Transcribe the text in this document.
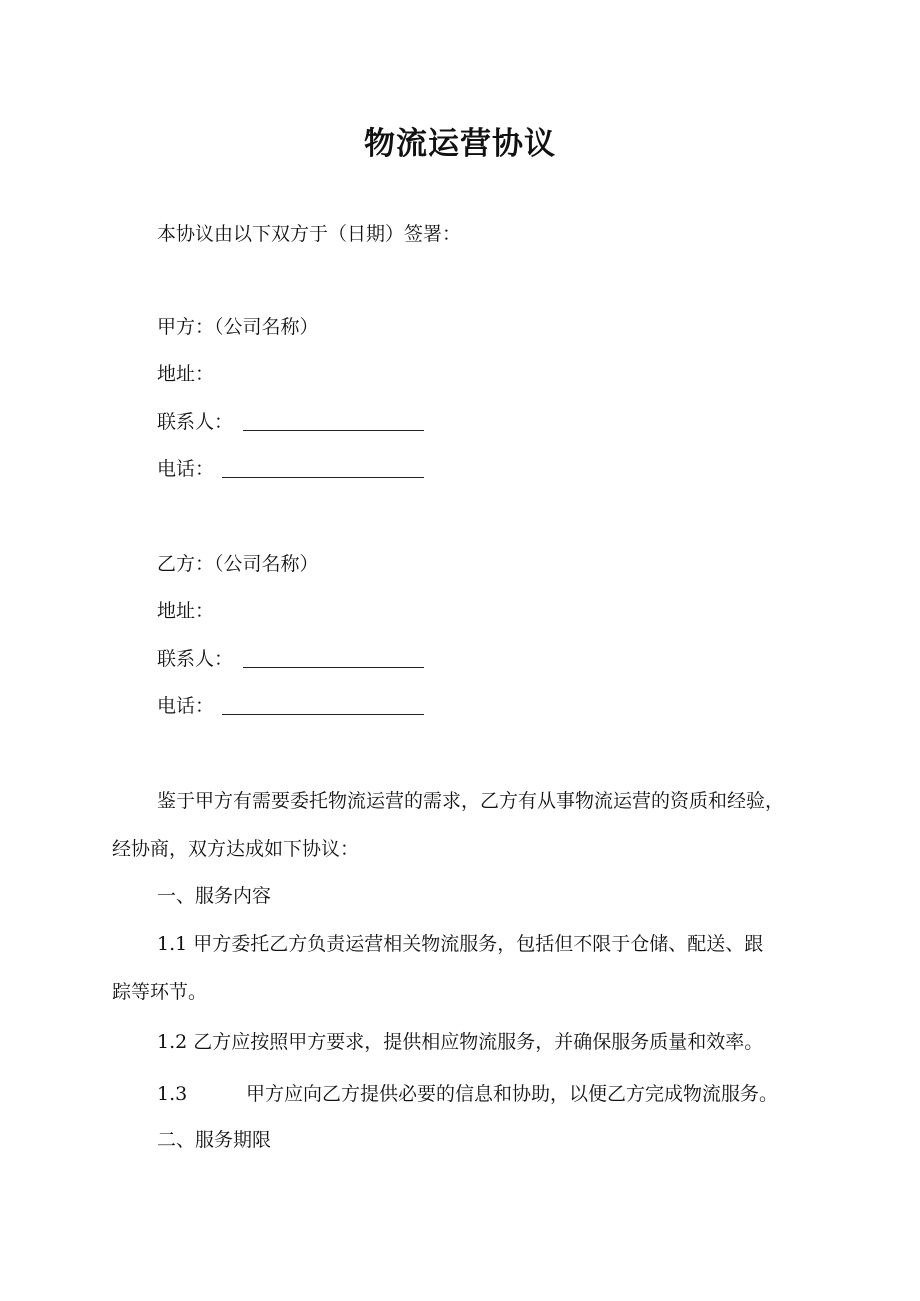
物流运营协议
本协议由以下双方于（日期）签署：
甲方：（公司名称）
地址：
联系人：
电话：
乙方：（公司名称）
地址：
联系人：
电话：
鉴于甲方有需要委托物流运营的需求，乙方有从事物流运营的资质和经验，
经协商，双方达成如下协议：
一、服务内容
1.1 甲方委托乙方负责运营相关物流服务，包括但不限于仓储、配送、跟
踪等环节。
1.2 乙方应按照甲方要求，提供相应物流服务，并确保服务质量和效率。
1.3	甲方应向乙方提供必要的信息和协助，以便乙方完成物流服务。
二、服务期限
